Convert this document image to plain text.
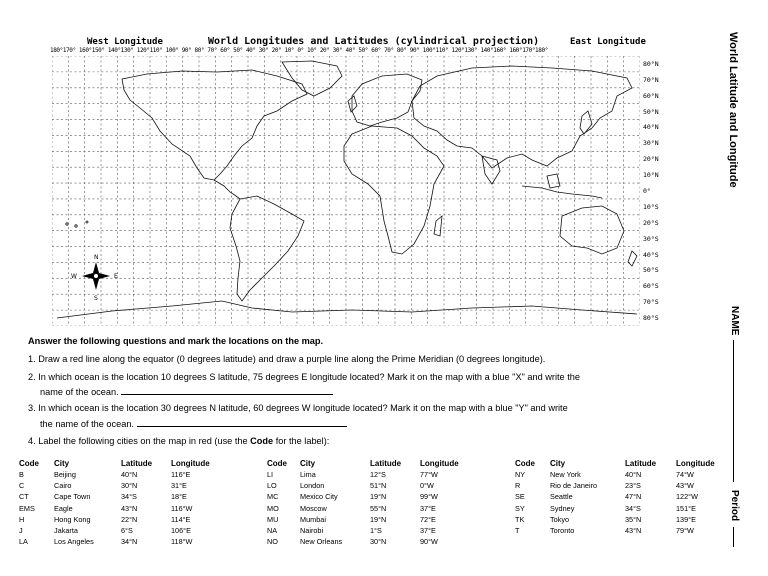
West Longitude	World Longitudes and Latitudes (cylindrical projection)	East Longitude
180°170° 160°150° 140°130° 120°110° 100° 90° 80° 70° 60° 50° 40° 30° 20° 10° 0° 10° 20° 30° 40° 50° 60° 70° 80° 90° 100°110° 120°130° 140°160° 160°170°180°
N
S
E
W
80°N
70°N
60°N
50°N
40°N
30°N
20°N
10°N
0°
10°S
20°S
30°S
40°S
50°S
60°S
70°S
80°S
World Latitude and Longitude
NAME
Period
Answer the following questions and mark the locations on the map.
1. Draw a red line along the equator (0 degrees latitude) and draw a purple line along the Prime Meridian (0 degrees longitude).
2. In which ocean is the location 10 degrees S latitude, 75 degrees E longitude located? Mark it on the map with a blue "X" and write the
name of the ocean.
3. In which ocean is the location 30 degrees N latitude, 60 degrees W longitude located? Mark it on the map with a blue "Y" and write
the name of the ocean.
4. Label the following cities on the map in red (use the Code for the label):
Code	City	Latitude	Longitude
B	Beijing	40°N	116°E
C	Cairo	30°N	31°E
CT	Cape Town	34°S	18°E
EMS	Eagle	43°N	116°W
H	Hong Kong	22°N	114°E
J	Jakarta	6°S	106°E
LA	Los Angeles	34°N	118°W
Code	City	Latitude	Longitude
LI	Lima	12°S	77°W
LO	London	51°N	0°W
MC	Mexico City	19°N	99°W
MO	Moscow	55°N	37°E
MU	Mumbai	19°N	72°E
NA	Nairobi	1°S	37°E
NO	New Orleans	30°N	90°W
Code	City	Latitude	Longitude
NY	New York	40°N	74°W
R	Rio de Janeiro	23°S	43°W
SE	Seattle	47°N	122°W
SY	Sydney	34°S	151°E
TK	Tokyo	35°N	139°E
T	Toronto	43°N	79°W
